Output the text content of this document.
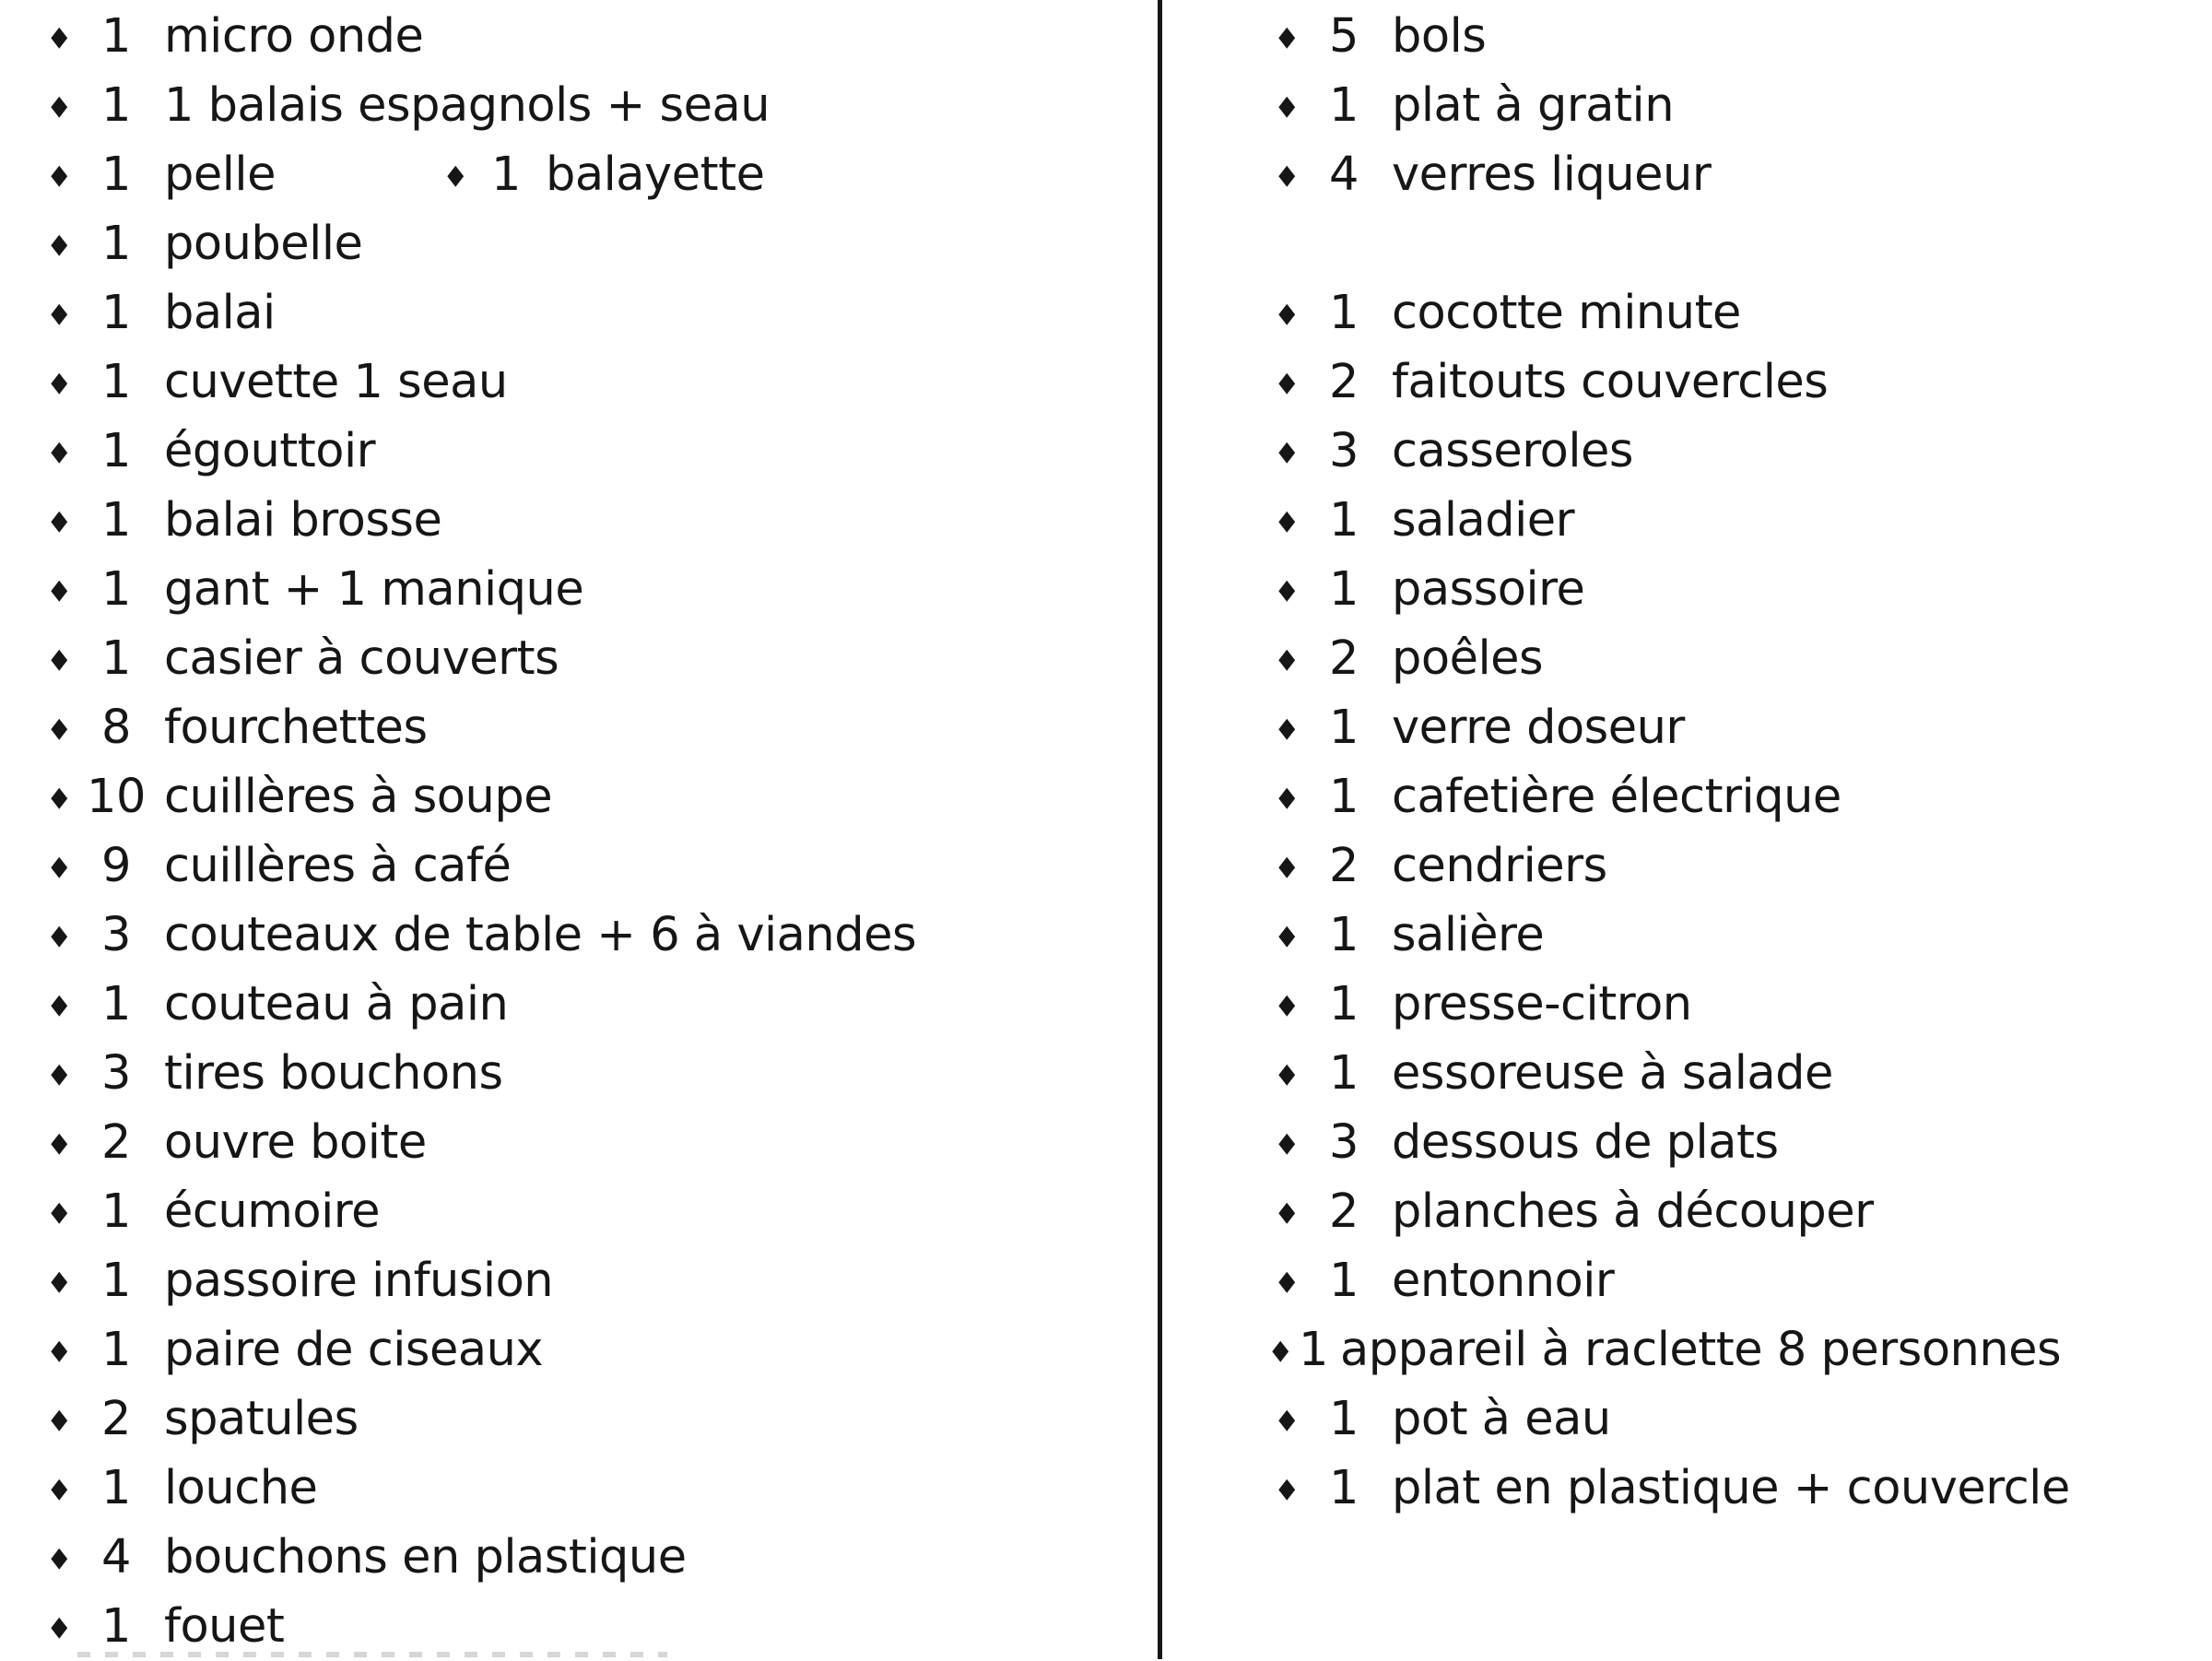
◆ 1 micro onde
◆ 1 1 balais espagnols + seau
◆ 1 pelle	◆ 1 balayette
◆ 1 poubelle
◆ 1 balai
◆ 1 cuvette 1 seau
◆ 1 égouttoir
◆ 1 balai brosse
◆ 1 gant + 1 manique
◆ 1 casier à couverts
◆ 8 fourchettes
◆ 10 cuillères à soupe
◆ 9 cuillères à café
◆ 3 couteaux de table + 6 à viandes
◆ 1 couteau à pain
◆ 3 tires bouchons
◆ 2 ouvre boite
◆ 1 écumoire
◆ 1 passoire infusion
◆ 1 paire de ciseaux
◆ 2 spatules
◆ 1 louche
◆ 4 bouchons en plastique
◆ 1 fouet
◆ 5 bols
◆ 1 plat à gratin
◆ 4 verres liqueur
◆ 1 cocotte minute
◆ 2 faitouts couvercles
◆ 3 casseroles
◆ 1 saladier
◆ 1 passoire
◆ 2 poêles
◆ 1 verre doseur
◆ 1 cafetière électrique
◆ 2 cendriers
◆ 1 salière
◆ 1 presse-citron
◆ 1 essoreuse à salade
◆ 3 dessous de plats
◆ 2 planches à découper
◆ 1 entonnoir
◆ 1 appareil à raclette 8 personnes
◆ 1 pot à eau
◆ 1 plat en plastique + couvercle
